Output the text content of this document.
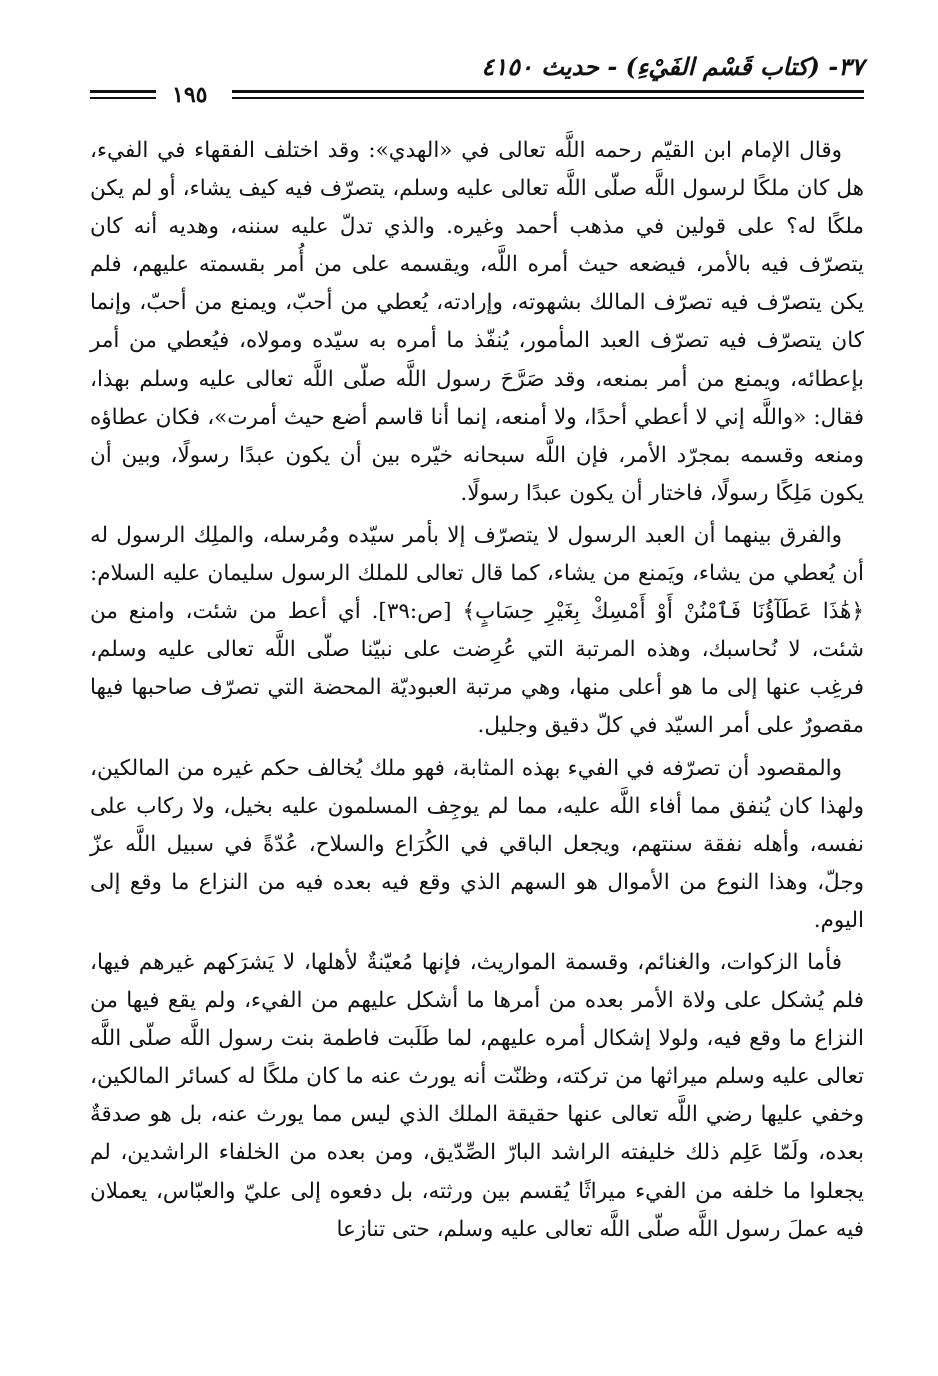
٣٧- (كتاب قَسْم الفَيْءِ) - حديث ٤١٥٠
١٩٥

وقال الإمام ابن القيّم رحمه اللَّه تعالى في «الهدي»: وقد اختلف الفقهاء في الفيء، هل كان ملكًا لرسول اللَّه صلّى اللَّه تعالى عليه وسلم، يتصرّف فيه كيف يشاء، أو لم يكن ملكًا له؟ على قولين في مذهب أحمد وغيره. والذي تدلّ عليه سننه، وهديه أنه كان يتصرّف فيه بالأمر، فيضعه حيث أمره اللَّه، ويقسمه على من أُمر بقسمته عليهم، فلم يكن يتصرّف فيه تصرّف المالك بشهوته، وإرادته، يُعطي من أحبّ، ويمنع من أحبّ، وإنما كان يتصرّف فيه تصرّف العبد المأمور، يُنفّذ ما أمره به سيّده ومولاه، فيُعطي من أمر بإعطائه، ويمنع من أمر بمنعه، وقد صَرَّحَ رسول اللَّه صلّى اللَّه تعالى عليه وسلم بهذا، فقال: «واللَّه إني لا أعطي أحدًا، ولا أمنعه، إنما أنا قاسم أضع حيث أمرت»، فكان عطاؤه ومنعه وقسمه بمجرّد الأمر، فإن اللَّه سبحانه خيّره بين أن يكون عبدًا رسولًا، وبين أن يكون مَلِكًا رسولًا، فاختار أن يكون عبدًا رسولًا.

والفرق بينهما أن العبد الرسول لا يتصرّف إلا بأمر سيّده ومُرسله، والملِك الرسول له أن يُعطي من يشاء، ويَمنع من يشاء، كما قال تعالى للملك الرسول سليمان عليه السلام: ﴿هَٰذَا عَطَآؤُنَا فَٱمْنُنْ أَوْ أَمْسِكْ بِغَيْرِ حِسَابٍ﴾ [ص:٣٩]. أي أعط من شئت، وامنع من شئت، لا نُحاسبك، وهذه المرتبة التي عُرِضت على نبيّنا صلّى اللَّه تعالى عليه وسلم، فرغِب عنها إلى ما هو أعلى منها، وهي مرتبة العبوديّة المحضة التي تصرّف صاحبها فيها مقصورٌ على أمر السيّد في كلّ دقيق وجليل.

والمقصود أن تصرّفه في الفيء بهذه المثابة، فهو ملك يُخالف حكم غيره من المالكين، ولهذا كان يُنفق مما أفاء اللَّه عليه، مما لم يوجِف المسلمون عليه بخيل، ولا ركاب على نفسه، وأهله نفقة سنتهم، ويجعل الباقي في الكُرَاع والسلاح، عُدّةً في سبيل اللَّه عزّ وجلّ، وهذا النوع من الأموال هو السهم الذي وقع فيه بعده فيه من النزاع ما وقع إلى اليوم.

فأما الزكوات، والغنائم، وقسمة المواريث، فإنها مُعيّنةٌ لأهلها، لا يَشرَكهم غيرهم فيها، فلم يُشكل على ولاة الأمر بعده من أمرها ما أشكل عليهم من الفيء، ولم يقع فيها من النزاع ما وقع فيه، ولولا إشكال أمره عليهم، لما طَلَبت فاطمة بنت رسول اللَّه صلّى اللَّه تعالى عليه وسلم ميراثها من تركته، وظنّت أنه يورث عنه ما كان ملكًا له كسائر المالكين، وخفي عليها رضي اللَّه تعالى عنها حقيقة الملك الذي ليس مما يورث عنه، بل هو صدقةٌ بعده، ولَمّا عَلِم ذلك خليفته الراشد البارّ الصِّدّيق، ومن بعده من الخلفاء الراشدين، لم يجعلوا ما خلفه من الفيء ميراثًا يُقسم بين ورثته، بل دفعوه إلى عليّ والعبّاس، يعملان فيه عملَ رسول اللَّه صلّى اللَّه تعالى عليه وسلم، حتى تنازعا
